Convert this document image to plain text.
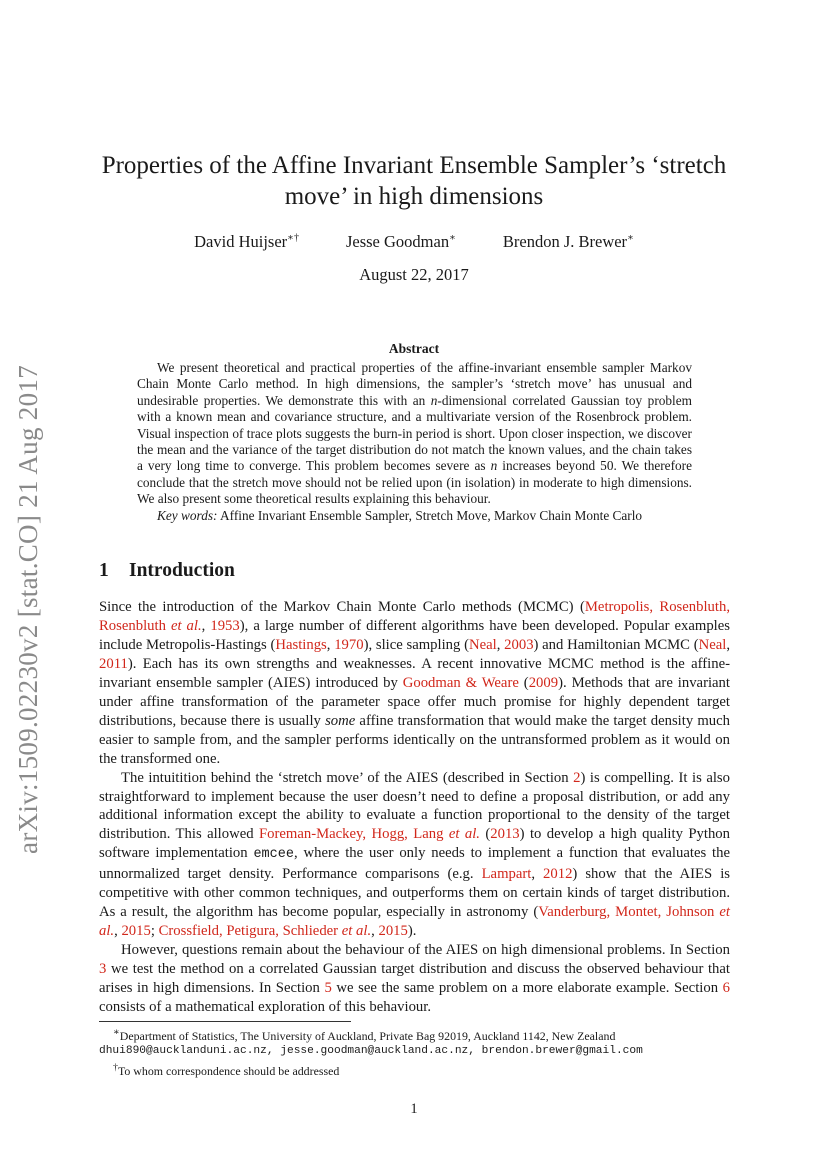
arXiv:1509.02230v2 [stat.CO] 21 Aug 2017
Properties of the Affine Invariant Ensemble Sampler’s ‘stretch
move’ in high dimensions
David Huijser∗†	Jesse Goodman∗	Brendon J. Brewer∗
August 22, 2017
Abstract

We present theoretical and practical properties of the affine-invariant ensemble sampler Markov Chain Monte Carlo method. In high dimensions, the sampler’s ‘stretch move’ has unusual and undesirable properties. We demonstrate this with an n-dimensional correlated Gaussian toy problem with a known mean and covariance structure, and a multivariate version of the Rosenbrock problem. Visual inspection of trace plots suggests the burn-in period is short. Upon closer inspection, we discover the mean and the variance of the target distribution do not match the known values, and the chain takes a very long time to converge. This problem becomes severe as n increases beyond 50. We therefore conclude that the stretch move should not be relied upon (in isolation) in moderate to high dimensions. We also present some theoretical results explaining this behaviour.

Key words: Affine Invariant Ensemble Sampler, Stretch Move, Markov Chain Monte Carlo

1 Introduction

Since the introduction of the Markov Chain Monte Carlo methods (MCMC) (Metropolis, Rosenbluth, Rosenbluth et al., 1953), a large number of different algorithms have been developed. Popular examples include Metropolis-Hastings (Hastings, 1970), slice sampling (Neal, 2003) and Hamiltonian MCMC (Neal, 2011). Each has its own strengths and weaknesses. A recent innovative MCMC method is the affine-invariant ensemble sampler (AIES) introduced by Goodman & Weare (2009). Methods that are invariant under affine transformation of the parameter space offer much promise for highly dependent target distributions, because there is usually some affine transformation that would make the target density much easier to sample from, and the sampler performs identically on the untransformed problem as it would on the transformed one.

The intuitition behind the ‘stretch move’ of the AIES (described in Section 2) is compelling. It is also straightforward to implement because the user doesn’t need to define a proposal distribution, or add any additional information except the ability to evaluate a function proportional to the density of the target distribution. This allowed Foreman-Mackey, Hogg, Lang et al. (2013) to develop a high quality Python software implementation emcee, where the user only needs to implement a function that evaluates the unnormalized target density. Performance comparisons (e.g. Lampart, 2012) show that the AIES is competitive with other common techniques, and outperforms them on certain kinds of target distribution. As a result, the algorithm has become popular, especially in astronomy (Vanderburg, Montet, Johnson et al., 2015; Crossfield, Petigura, Schlieder et al., 2015).

However, questions remain about the behaviour of the AIES on high dimensional problems. In Section 3 we test the method on a correlated Gaussian target distribution and discuss the observed behaviour that arises in high dimensions. In Section 5 we see the same problem on a more elaborate example. Section 6 consists of a mathematical exploration of this behaviour.

∗Department of Statistics, The University of Auckland, Private Bag 92019, Auckland 1142, New Zealand

dhui890@aucklanduni.ac.nz, jesse.goodman@auckland.ac.nz, brendon.brewer@gmail.com

†To whom correspondence should be addressed

1
